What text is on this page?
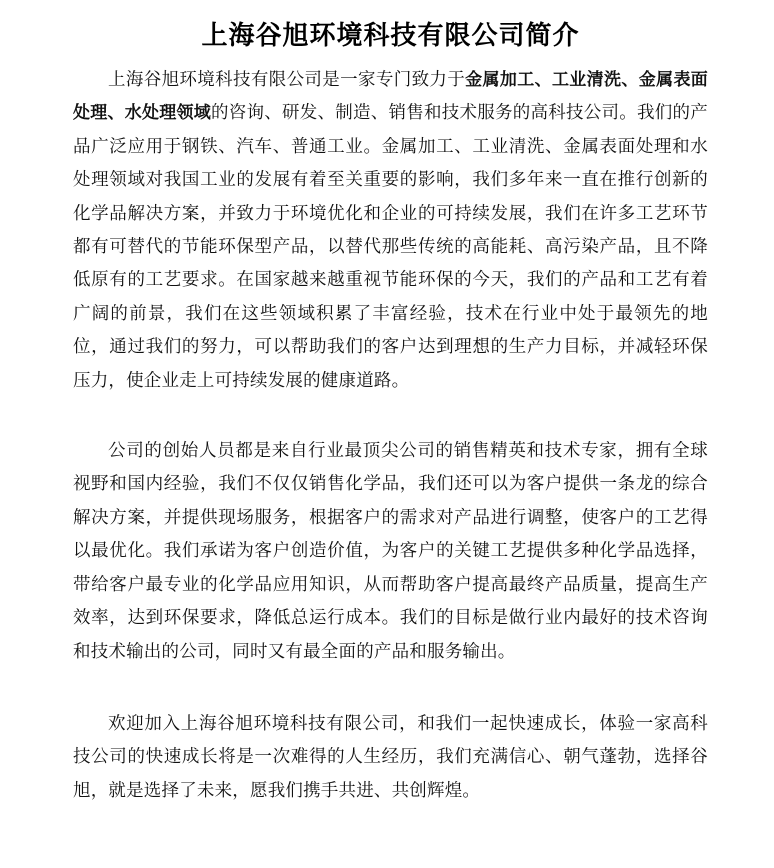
上海谷旭环境科技有限公司简介

上海谷旭环境科技有限公司是一家专门致力于金属加工、工业清洗、金属表面处理、水处理领域的咨询、研发、制造、销售和技术服务的高科技公司。我们的产品广泛应用于钢铁、汽车、普通工业。金属加工、工业清洗、金属表面处理和水处理领域对我国工业的发展有着至关重要的影响，我们多年来一直在推行创新的化学品解决方案，并致力于环境优化和企业的可持续发展，我们在许多工艺环节都有可替代的节能环保型产品，以替代那些传统的高能耗、高污染产品，且不降低原有的工艺要求。在国家越来越重视节能环保的今天，我们的产品和工艺有着广阔的前景，我们在这些领域积累了丰富经验，技术在行业中处于最领先的地位，通过我们的努力，可以帮助我们的客户达到理想的生产力目标，并减轻环保压力，使企业走上可持续发展的健康道路。

公司的创始人员都是来自行业最顶尖公司的销售精英和技术专家，拥有全球视野和国内经验，我们不仅仅销售化学品，我们还可以为客户提供一条龙的综合解决方案，并提供现场服务，根据客户的需求对产品进行调整，使客户的工艺得以最优化。我们承诺为客户创造价值，为客户的关键工艺提供多种化学品选择，带给客户最专业的化学品应用知识，从而帮助客户提高最终产品质量，提高生产效率，达到环保要求，降低总运行成本。我们的目标是做行业内最好的技术咨询和技术输出的公司，同时又有最全面的产品和服务输出。

欢迎加入上海谷旭环境科技有限公司，和我们一起快速成长，体验一家高科技公司的快速成长将是一次难得的人生经历，我们充满信心、朝气蓬勃，选择谷旭，就是选择了未来，愿我们携手共进、共创辉煌。
